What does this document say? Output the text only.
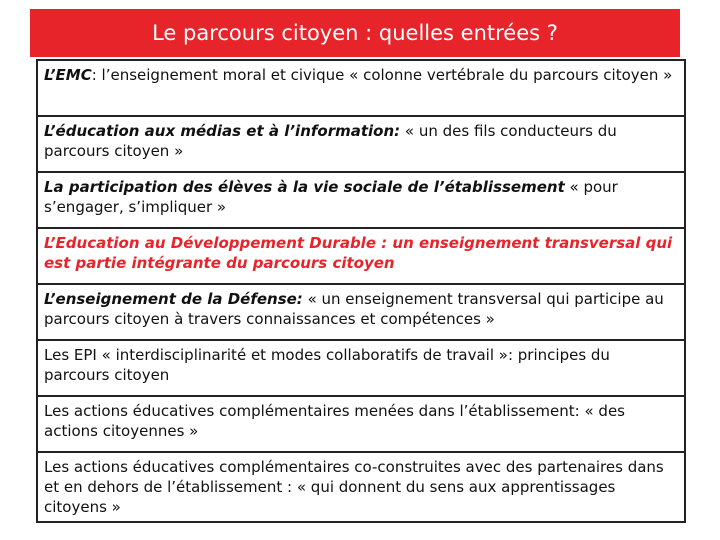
Le parcours citoyen : quelles entrées ?
L’EMC: l’enseignement moral et civique « colonne vertébrale du parcours citoyen »
L’éducation aux médias et à l’information: « un des fils conducteurs du parcours citoyen »
La participation des élèves à la vie sociale de l’établissement « pour s’engager, s’impliquer »
L’Education au Développement Durable : un enseignement transversal qui est partie intégrante du parcours citoyen
L’enseignement de la Défense: « un enseignement transversal qui participe au parcours citoyen à travers connaissances et compétences »
Les EPI « interdisciplinarité et modes collaboratifs de travail »: principes du parcours citoyen
Les actions éducatives complémentaires menées dans l’établissement: « des actions citoyennes »
Les actions éducatives complémentaires co-construites avec des partenaires dans et en dehors de l’établissement : « qui donnent du sens aux apprentissages citoyens »
